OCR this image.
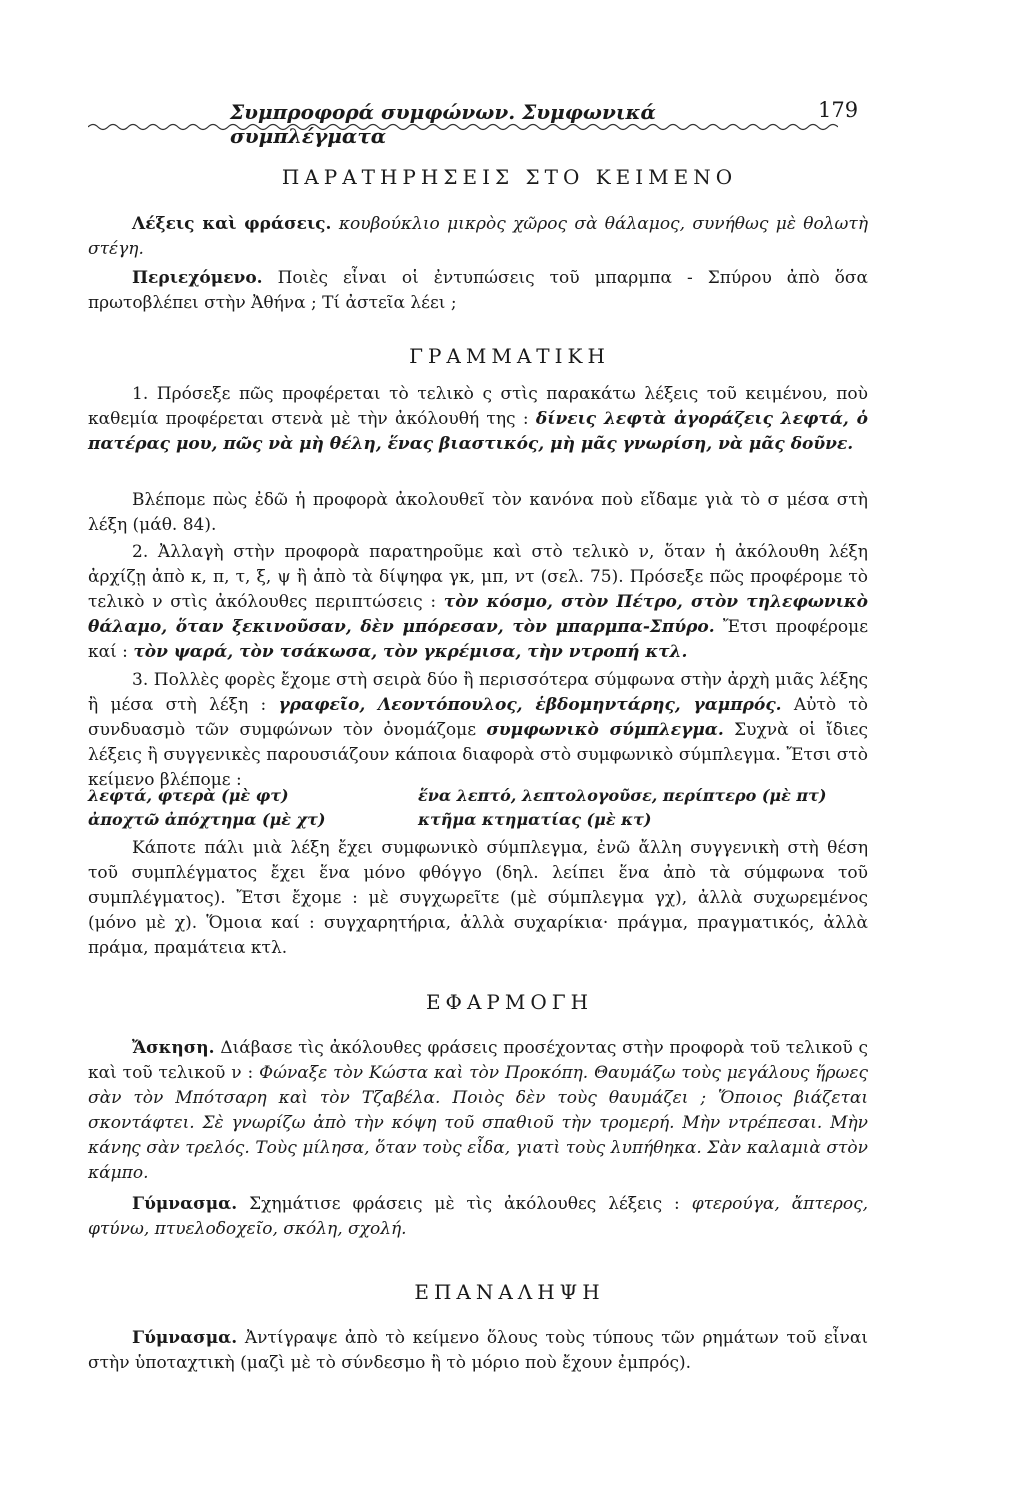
Συμπροφορά συμφώνων. Συμφωνικά συμπλέγματα
179
ΠΑΡΑΤΗΡΗΣΕΙΣ ΣΤΟ ΚΕΙΜΕΝΟ

Λέξεις καὶ φράσεις. κουβούκλιο μικρὸς χῶρος σὰ θάλαμος, συνήθως μὲ θολωτὴ στέγη.

Περιεχόμενο. Ποιὲς εἶναι οἱ ἐντυπώσεις τοῦ μπαρμπα - Σπύρου ἀπὸ ὅσα πρωτοβλέπει στὴν Ἀθήνα ; Τί ἀστεῖα λέει ;

ΓΡΑΜΜΑΤΙΚΗ

1. Πρόσεξε πῶς προφέρεται τὸ τελικὸ ς στὶς παρακάτω λέξεις τοῦ κειμένου, ποὺ καθεμία προφέρεται στενὰ μὲ τὴν ἀκόλουθή της : δίνεις λεφτὰ ἀγοράζεις λεφτά, ὁ πατέρας μου, πῶς νὰ μὴ θέλη, ἕνας βιαστικός, μὴ μᾶς γνωρίση, νὰ μᾶς δοῦνε.

Βλέπομε πὼς ἐδῶ ἡ προφορὰ ἀκολουθεῖ τὸν κανόνα ποὺ εἴδαμε γιὰ τὸ σ μέσα στὴ λέξη (μάθ. 84).

2. Ἀλλαγὴ στὴν προφορὰ παρατηροῦμε καὶ στὸ τελικὸ ν, ὅταν ἡ ἀκόλουθη λέξη ἀρχίζῃ ἀπὸ κ, π, τ, ξ, ψ ἢ ἀπὸ τὰ δίψηφα γκ, μπ, ντ (σελ. 75). Πρόσεξε πῶς προφέρομε τὸ τελικὸ ν στὶς ἀκόλουθες περιπτώσεις : τὸν κόσμο, στὸν Πέτρο, στὸν τηλεφωνικὸ θάλαμο, ὅταν ξεκινοῦσαν, δὲν μπόρεσαν, τὸν μπαρμπα-Σπύρο. Ἔτσι προφέρομε καί : τὸν ψαρά, τὸν τσάκωσα, τὸν γκρέμισα, τὴν ντροπή κτλ.

3. Πολλὲς φορὲς ἔχομε στὴ σειρὰ δύο ἢ περισσότερα σύμφωνα στὴν ἀρχὴ μιᾶς λέξης ἢ μέσα στὴ λέξη : γραφεῖο, Λεοντόπουλος, ἑβδομηντάρης, γαμπρός. Αὐτὸ τὸ συνδυασμὸ τῶν συμφώνων τὸν ὀνομάζομε συμφωνικὸ σύμπλεγμα. Συχνὰ οἱ ἴδιες λέξεις ἢ συγγενικὲς παρουσιάζουν κάποια διαφορὰ στὸ συμφωνικὸ σύμπλεγμα. Ἔτσι στὸ κείμενο βλέπομε :

λεφτά, φτερὰ (μὲ φτ)	ἕνα λεπτό, λεπτολογοῦσε, περίπτερο (μὲ πτ)
ἀποχτῶ ἀπόχτημα (μὲ χτ)	κτῆμα κτηματίας (μὲ κτ)

Κάποτε πάλι μιὰ λέξη ἔχει συμφωνικὸ σύμπλεγμα, ἐνῶ ἄλλη συγγενικὴ στὴ θέση τοῦ συμπλέγματος ἔχει ἕνα μόνο φθόγγο (δηλ. λείπει ἕνα ἀπὸ τὰ σύμφωνα τοῦ συμπλέγματος). Ἔτσι ἔχομε : μὲ συγχωρεῖτε (μὲ σύμπλεγμα γχ), ἀλλὰ συχωρεμένος (μόνο μὲ χ). Ὅμοια καί : συγχαρητήρια, ἀλλὰ συχαρίκια· πράγμα, πραγματικός, ἀλλὰ πράμα, πραμάτεια κτλ.

ΕΦΑΡΜΟΓΗ

Ἄσκηση. Διάβασε τὶς ἀκόλουθες φράσεις προσέχοντας στὴν προφορὰ τοῦ τελικοῦ ς καὶ τοῦ τελικοῦ ν : Φώναξε τὸν Κώστα καὶ τὸν Προκόπη. Θαυμάζω τοὺς μεγάλους ἥρωες σὰν τὸν Μπότσαρη καὶ τὸν Τζαβέλα. Ποιὸς δὲν τοὺς θαυμάζει ; Ὅποιος βιάζεται σκοντάφτει. Σὲ γνωρίζω ἀπὸ τὴν κόψη τοῦ σπαθιοῦ τὴν τρομερή. Μὴν ντρέπεσαι. Μὴν κάνης σὰν τρελός. Τοὺς μίλησα, ὅταν τοὺς εἶδα, γιατὶ τοὺς λυπήθηκα. Σὰν καλαμιὰ στὸν κάμπο.

Γύμνασμα. Σχημάτισε φράσεις μὲ τὶς ἀκόλουθες λέξεις : φτερούγα, ἄπτερος, φτύνω, πτυελοδοχεῖο, σκόλη, σχολή.

ΕΠΑΝΑΛΗΨΗ

Γύμνασμα. Ἀντίγραψε ἀπὸ τὸ κείμενο ὅλους τοὺς τύπους τῶν ρημάτων τοῦ εἶναι στὴν ὑποταχτικὴ (μαζὶ μὲ τὸ σύνδεσμο ἢ τὸ μόριο ποὺ ἔχουν ἐμπρός).
